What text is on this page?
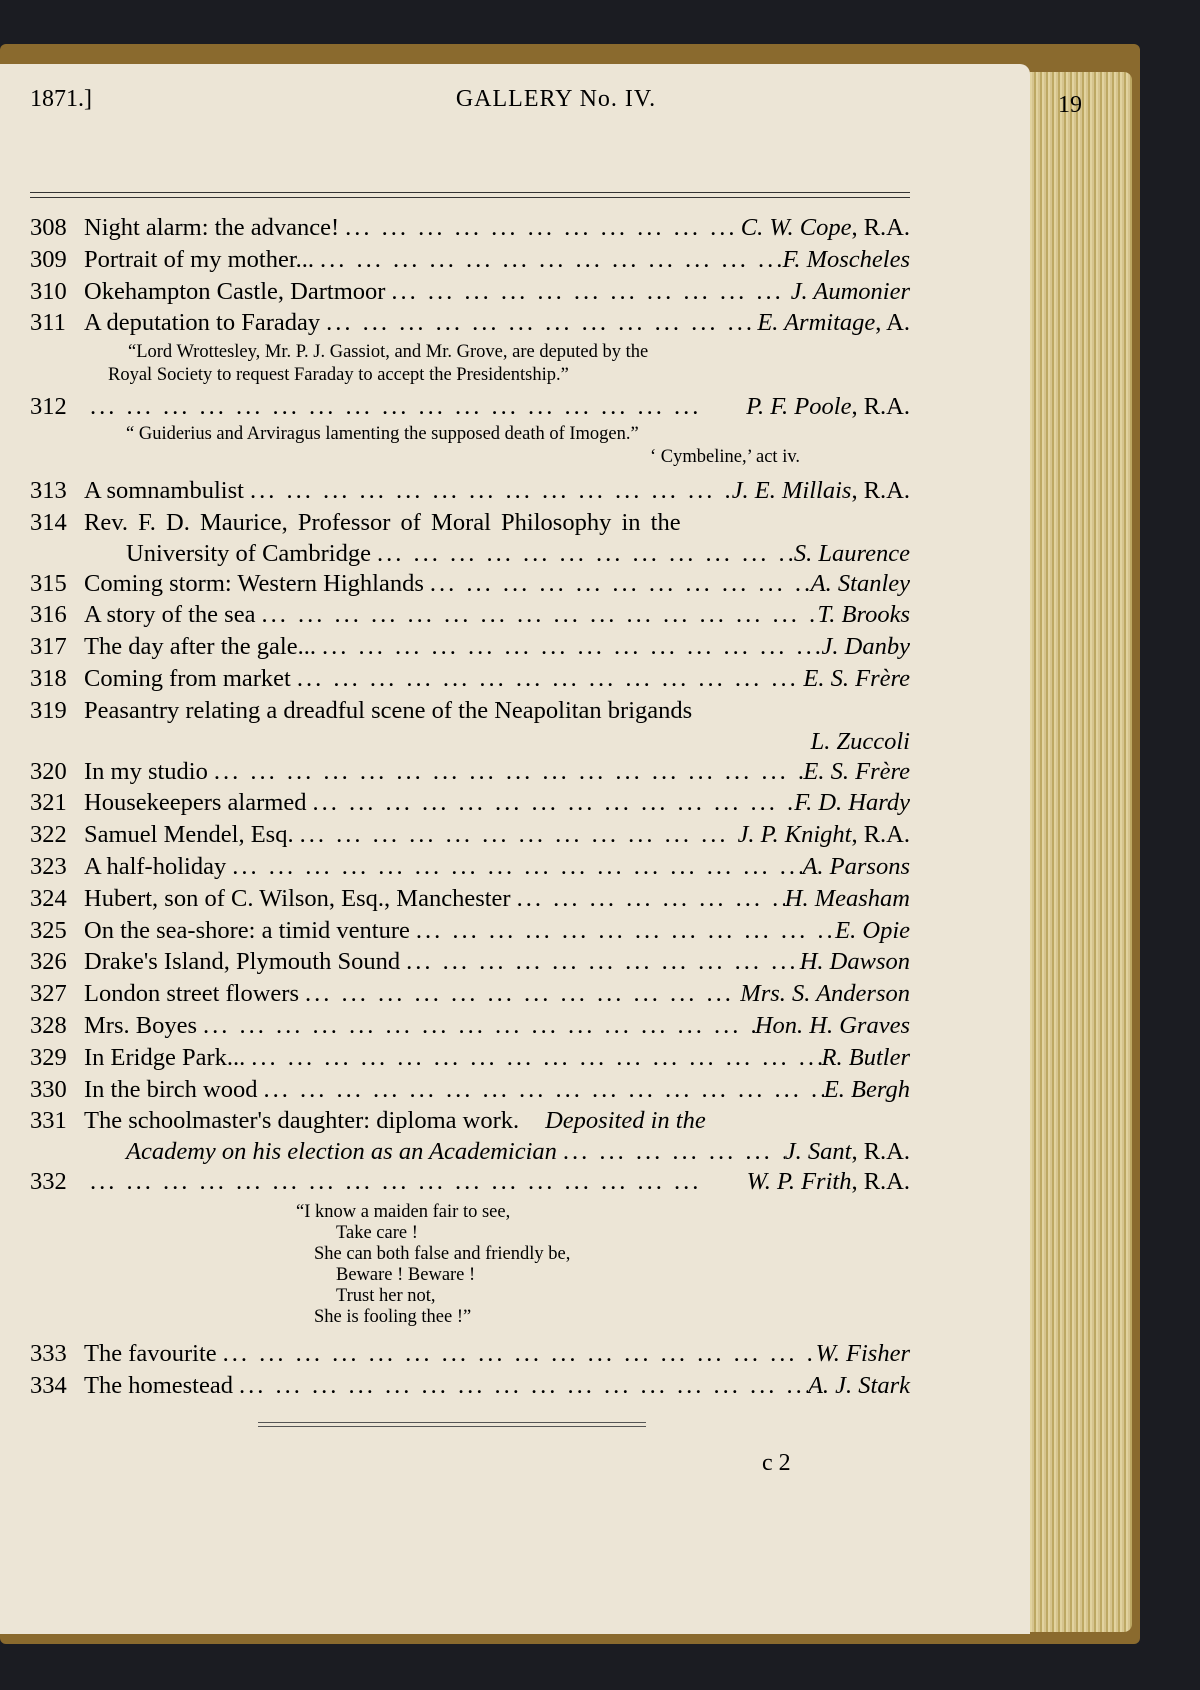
1871.]	GALLERY No. IV.	19
308 Night alarm: the advance! ... .	C. W. Cope , R.A.
309 Portrait of my mother... ... .	F. Moscheles
310 Okehampton Castle, Dartmoor ... .	J. Aumonier
311 A deputation to Faraday ... .	E. Armitage , A.
“Lord Wrottesley, Mr. P. J. Gassiot, and Mr. Grove, are deputed by the
Royal Society to request Faraday to accept the Presidentship.”
312 ... .	P. F. Poole , R.A.
“ Guiderius and Arviragus lamenting the supposed death of Imogen.”
‘ Cymbeline,’ act iv.
313 A somnambulist ... .	J. E. Millais , R.A.
314 Rev. F. D. Maurice, Professor of Moral Philosophy in the
University of Cambridge ... .	S. Laurence
315 Coming storm: Western Highlands ... .	A. Stanley
316 A story of the sea ... .	T. Brooks
317 The day after the gale... ... .	J. Danby
318 Coming from market ... .	E. S. Frère
319 Peasantry relating a dreadful scene of the Neapolitan brigands
L. Zuccoli
320 In my studio ... .	E. S. Frère
321 Housekeepers alarmed ... .	F. D. Hardy
322 Samuel Mendel, Esq. ... .	J. P. Knight , R.A.
323 A half-holiday ... .	A. Parsons
324 Hubert, son of C. Wilson, Esq., Manchester ... .	H. Measham
325 On the sea-shore: a timid venture ... .	E. Opie
326 Drake's Island, Plymouth Sound ... .	H. Dawson
327 London street flowers ... .	Mrs. S. Anderson
328 Mrs. Boyes ... .	Hon. H. Graves
329 In Eridge Park... ... .	R. Butler
330 In the birch wood ... .	E. Bergh
331 The schoolmaster's daughter: diploma work.	Deposited in the
Academy on his election as an Academician ... .	J. Sant , R.A.
332 ... .	W. P. Frith , R.A.
“I know a maiden fair to see,
Take care !
She can both false and friendly be,
Beware ! Beware !
Trust her not,
She is fooling thee !”
333 The favourite ... .	W. Fisher
334 The homestead ... .	A. J. Stark
c 2
